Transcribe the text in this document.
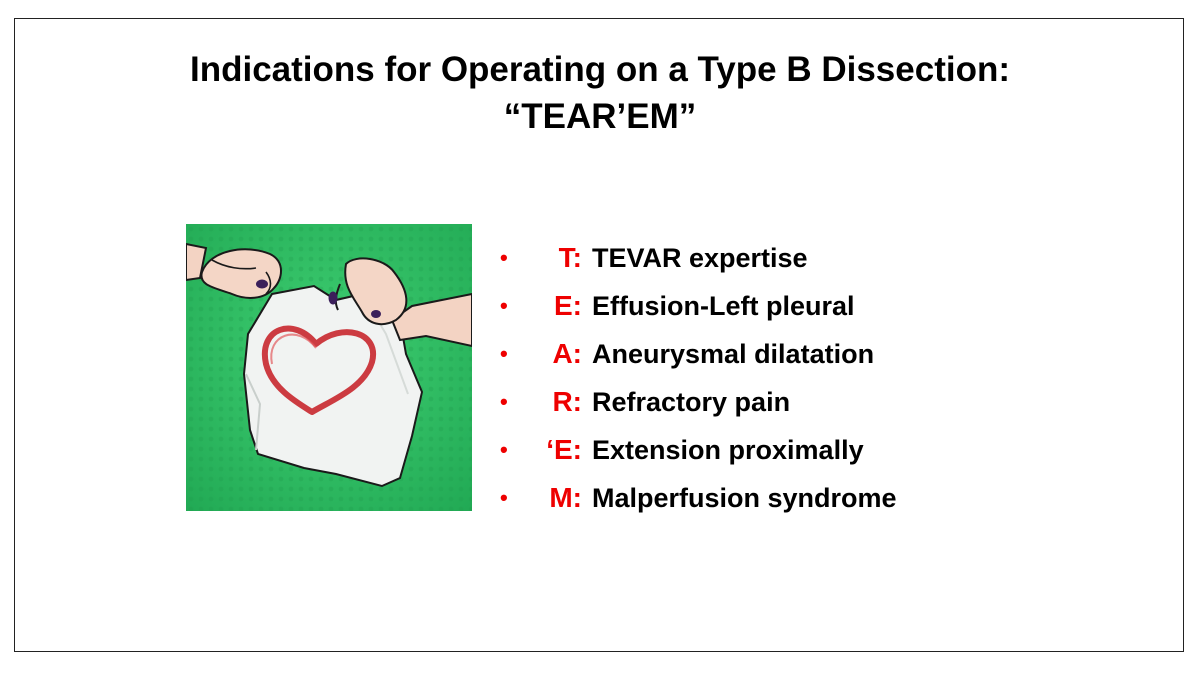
Indications for Operating on a Type B Dissection:
“TEAR’EM”
•	T: TEVAR expertise
•	E: Effusion-Left pleural
•	A: Aneurysmal dilatation
•	R: Refractory pain
•	‘E: Extension proximally
•	M: Malperfusion syndrome
